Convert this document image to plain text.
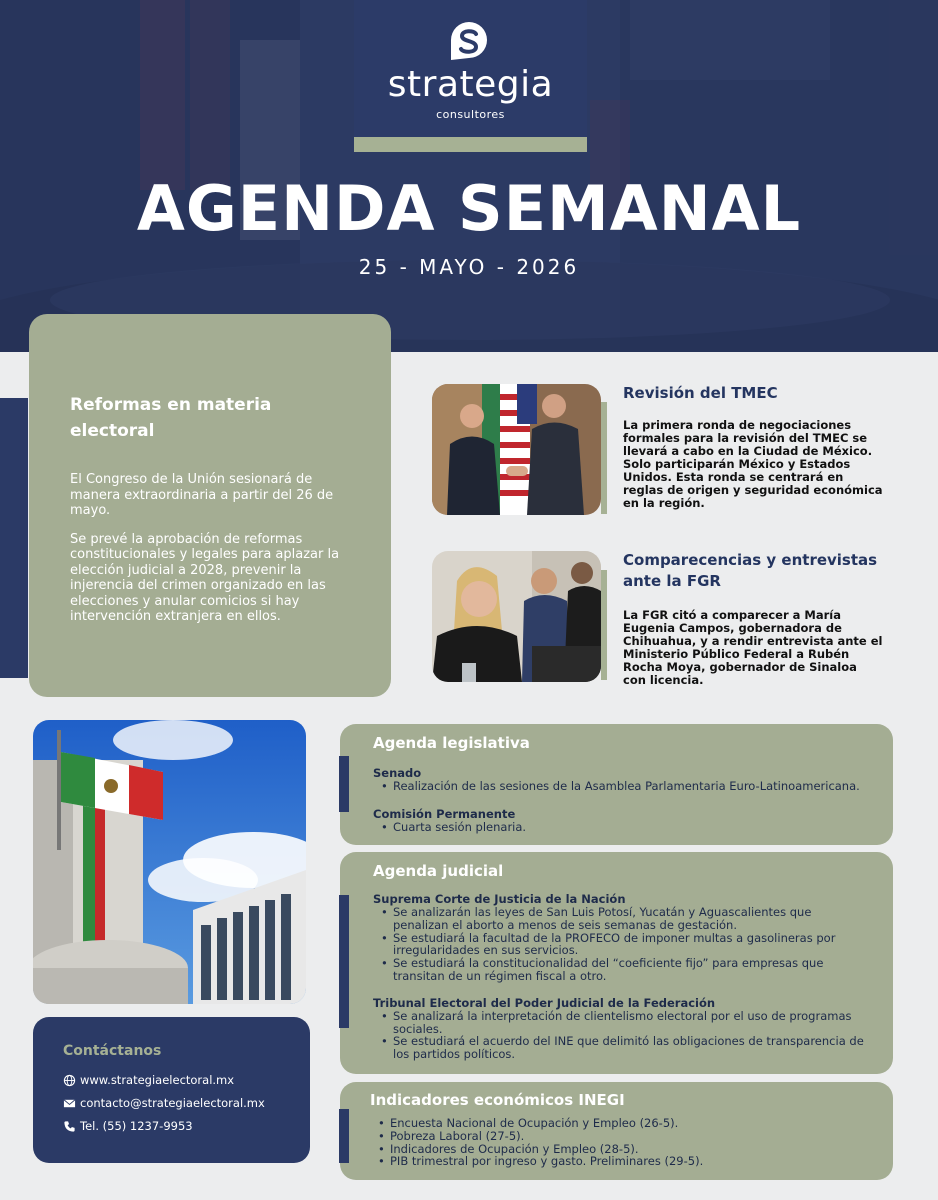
strategia
consultores
AGENDA SEMANAL
25 - MAYO - 2026
Reformas en materia electoral

El Congreso de la Unión sesionará de manera extraordinaria a partir del 26 de mayo.

Se prevé la aprobación de reformas constitucionales y legales para aplazar la elección judicial a 2028, prevenir la injerencia del crimen organizado en las elecciones y anular comicios si hay intervención extranjera en ellos.

Revisión del TMEC
La primera ronda de negociaciones formales para la revisión del TMEC se llevará a cabo en la Ciudad de México. Solo participarán México y Estados Unidos. Esta ronda se centrará en reglas de origen y seguridad económica en la región.
Comparecencias y entrevistas ante la FGR
La FGR citó a comparecer a María Eugenia Campos, gobernadora de Chihuahua, y a rendir entrevista ante el Ministerio Público Federal a Rubén Rocha Moya, gobernador de Sinaloa con licencia.
Contáctanos
www.strategiaelectoral.mx
contacto@strategiaelectoral.mx
Tel. (55) 1237-9953
Agenda legislativa
Senado
• Realización de las sesiones de la Asamblea Parlamentaria Euro-Latinoamericana.
Comisión Permanente
• Cuarta sesión plenaria.
Agenda judicial
Suprema Corte de Justicia de la Nación
• Se analizarán las leyes de San Luis Potosí, Yucatán y Aguascalientes que penalizan el aborto a menos de seis semanas de gestación.
• Se estudiará la facultad de la PROFECO de imponer multas a gasolineras por irregularidades en sus servicios.
• Se estudiará la constitucionalidad del “coeficiente fijo” para empresas que transitan de un régimen fiscal a otro.
Tribunal Electoral del Poder Judicial de la Federación
• Se analizará la interpretación de clientelismo electoral por el uso de programas sociales.
• Se estudiará el acuerdo del INE que delimitó las obligaciones de transparencia de los partidos políticos.
Indicadores económicos INEGI
• Encuesta Nacional de Ocupación y Empleo (26-5).
• Pobreza Laboral (27-5).
• Indicadores de Ocupación y Empleo (28-5).
• PIB trimestral por ingreso y gasto. Preliminares (29-5).
